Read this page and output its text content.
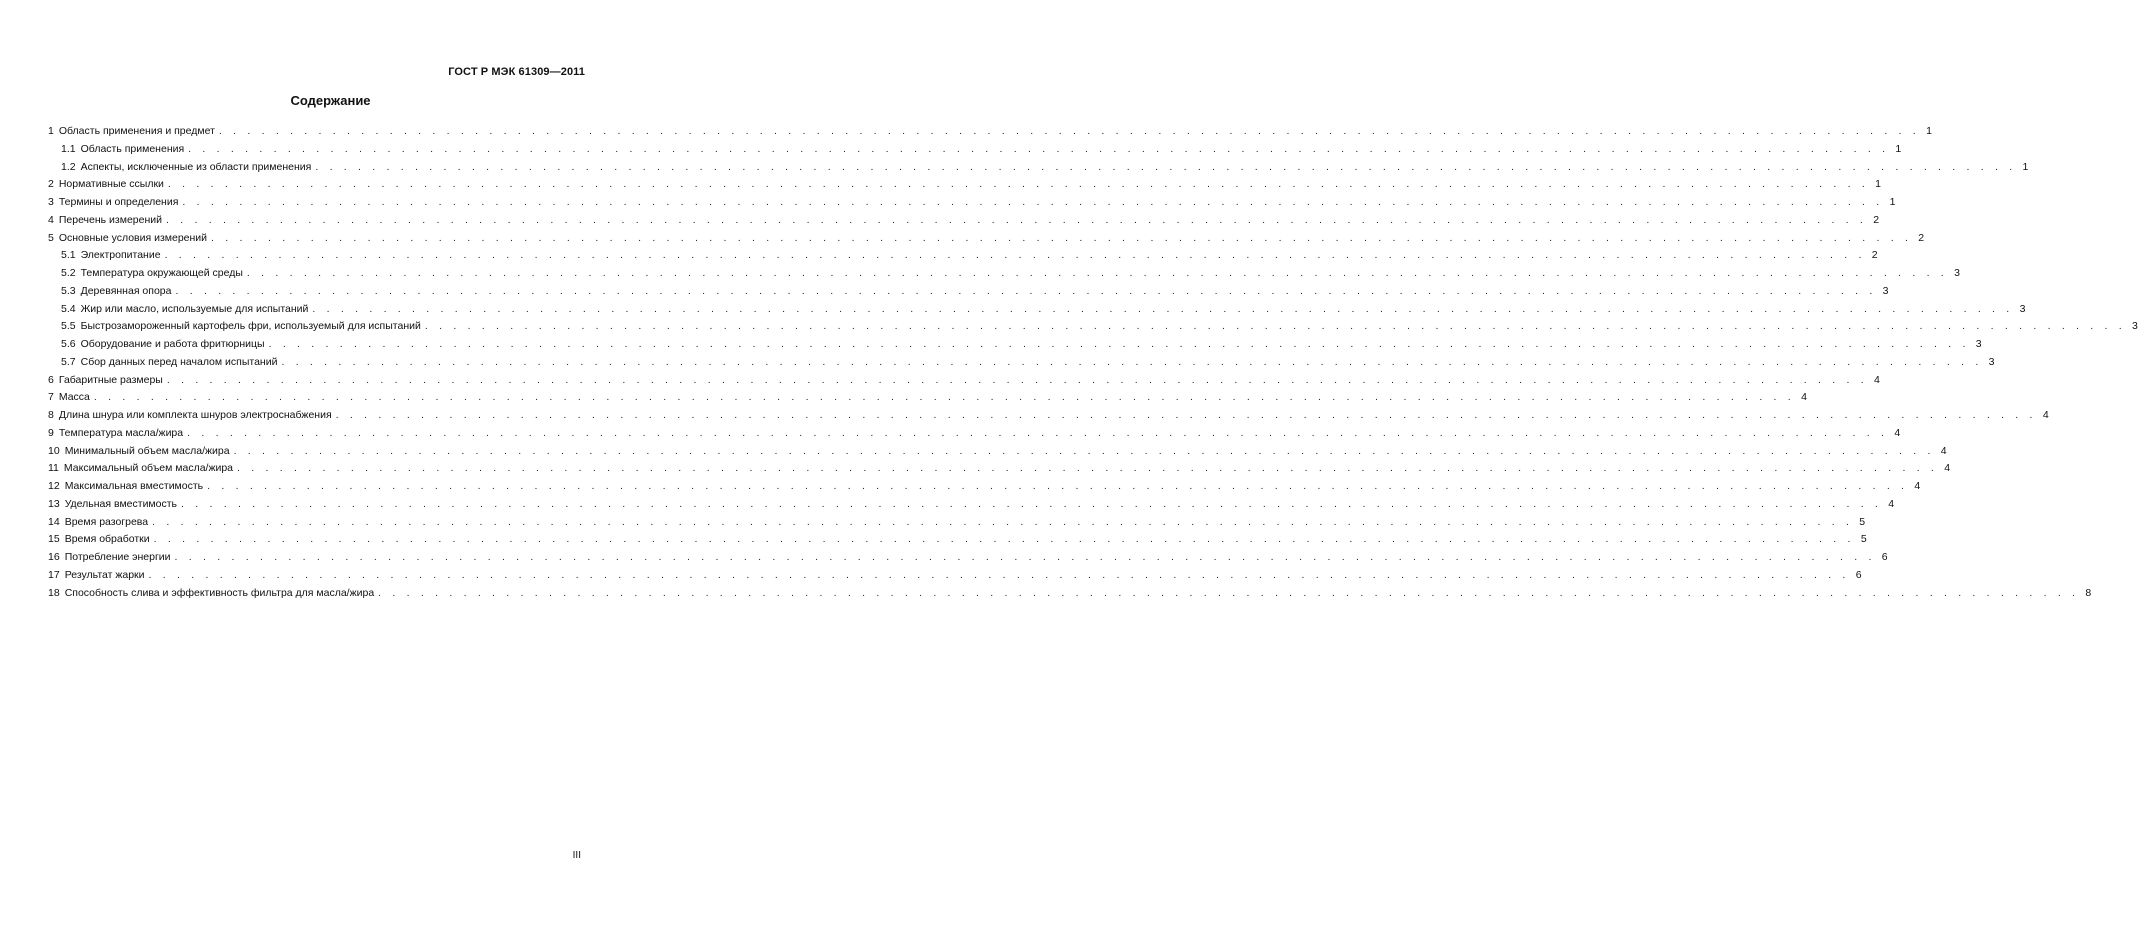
ГОСТ Р МЭК 61309—2011
Содержание
1 Область применения и предмет . . . . . . . . . . . . . . . . . . . . . . . . . . . . . . . . . . . . . . . . . . . . . . . . . . . . . . . . . . . . . . . . . . . . . . . . . . . . . . . . . . . . . . . . . . . . . . . . . . . . . . . . . . . . . . . . . . . . . . . . 1
1.1 Область применения . . . . . . . . . . . . . . . . . . . . . . . . . . . . . . . . . . . . . . . . . . . . . . . . . . . . . . . . . . . . . . . . . . . . . . . . . . . . . . . . . . . . . . . . . . . . . . . . . . . . . . . . . . . . . . . . . . . . . . . . 1
1.2 Аспекты, исключенные из области применения . . . . . . . . . . . . . . . . . . . . . . . . . . . . . . . . . . . . . . . . . . . . . . . . . . . . . . . . . . . . . . . . . . . . . . . . . . . . . . . . . . . . . . . . . . . . . . . . . . . . . . . . . . . . . . . . . . . . . . . . 1
2 Нормативные ссылки . . . . . . . . . . . . . . . . . . . . . . . . . . . . . . . . . . . . . . . . . . . . . . . . . . . . . . . . . . . . . . . . . . . . . . . . . . . . . . . . . . . . . . . . . . . . . . . . . . . . . . . . . . . . . . . . . . . . . . . . 1
3 Термины и определения . . . . . . . . . . . . . . . . . . . . . . . . . . . . . . . . . . . . . . . . . . . . . . . . . . . . . . . . . . . . . . . . . . . . . . . . . . . . . . . . . . . . . . . . . . . . . . . . . . . . . . . . . . . . . . . . . . . . . . . . 1
4 Перечень измерений . . . . . . . . . . . . . . . . . . . . . . . . . . . . . . . . . . . . . . . . . . . . . . . . . . . . . . . . . . . . . . . . . . . . . . . . . . . . . . . . . . . . . . . . . . . . . . . . . . . . . . . . . . . . . . . . . . . . . . . . 2
5 Основные условия измерений . . . . . . . . . . . . . . . . . . . . . . . . . . . . . . . . . . . . . . . . . . . . . . . . . . . . . . . . . . . . . . . . . . . . . . . . . . . . . . . . . . . . . . . . . . . . . . . . . . . . . . . . . . . . . . . . . . . . . . . . 2
5.1 Электропитание . . . . . . . . . . . . . . . . . . . . . . . . . . . . . . . . . . . . . . . . . . . . . . . . . . . . . . . . . . . . . . . . . . . . . . . . . . . . . . . . . . . . . . . . . . . . . . . . . . . . . . . . . . . . . . . . . . . . . . . . 2
5.2 Температура окружающей среды . . . . . . . . . . . . . . . . . . . . . . . . . . . . . . . . . . . . . . . . . . . . . . . . . . . . . . . . . . . . . . . . . . . . . . . . . . . . . . . . . . . . . . . . . . . . . . . . . . . . . . . . . . . . . . . . . . . . . . . . 3
5.3 Деревянная опора . . . . . . . . . . . . . . . . . . . . . . . . . . . . . . . . . . . . . . . . . . . . . . . . . . . . . . . . . . . . . . . . . . . . . . . . . . . . . . . . . . . . . . . . . . . . . . . . . . . . . . . . . . . . . . . . . . . . . . . . 3
5.4 Жир или масло, используемые для испытаний . . . . . . . . . . . . . . . . . . . . . . . . . . . . . . . . . . . . . . . . . . . . . . . . . . . . . . . . . . . . . . . . . . . . . . . . . . . . . . . . . . . . . . . . . . . . . . . . . . . . . . . . . . . . . . . . . . . . . . . . 3
5.5 Быстрозамороженный картофель фри, используемый для испытаний . . . . . . . . . . . . . . . . . . . . . . . . . . . . . . . . . . . . . . . . . . . . . . . . . . . . . . . . . . . . . . . . . . . . . . . . . . . . . . . . . . . . . . . . . . . . . . . . . . . . . . . . . . . . . . . . . . . . . . . . 3
5.6 Оборудование и работа фритюрницы . . . . . . . . . . . . . . . . . . . . . . . . . . . . . . . . . . . . . . . . . . . . . . . . . . . . . . . . . . . . . . . . . . . . . . . . . . . . . . . . . . . . . . . . . . . . . . . . . . . . . . . . . . . . . . . . . . . . . . . . 3
5.7 Сбор данных перед началом испытаний . . . . . . . . . . . . . . . . . . . . . . . . . . . . . . . . . . . . . . . . . . . . . . . . . . . . . . . . . . . . . . . . . . . . . . . . . . . . . . . . . . . . . . . . . . . . . . . . . . . . . . . . . . . . . . . . . . . . . . . . 3
6 Габаритные размеры . . . . . . . . . . . . . . . . . . . . . . . . . . . . . . . . . . . . . . . . . . . . . . . . . . . . . . . . . . . . . . . . . . . . . . . . . . . . . . . . . . . . . . . . . . . . . . . . . . . . . . . . . . . . . . . . . . . . . . . . 4
7 Масса . . . . . . . . . . . . . . . . . . . . . . . . . . . . . . . . . . . . . . . . . . . . . . . . . . . . . . . . . . . . . . . . . . . . . . . . . . . . . . . . . . . . . . . . . . . . . . . . . . . . . . . . . . . . . . . . . . . . . . . . 4
8 Длина шнура или комплекта шнуров электроснабжения . . . . . . . . . . . . . . . . . . . . . . . . . . . . . . . . . . . . . . . . . . . . . . . . . . . . . . . . . . . . . . . . . . . . . . . . . . . . . . . . . . . . . . . . . . . . . . . . . . . . . . . . . . . . . . . . . . . . . . . . 4
9 Температура масла/жира . . . . . . . . . . . . . . . . . . . . . . . . . . . . . . . . . . . . . . . . . . . . . . . . . . . . . . . . . . . . . . . . . . . . . . . . . . . . . . . . . . . . . . . . . . . . . . . . . . . . . . . . . . . . . . . . . . . . . . . . 4
10 Минимальный объем масла/жира . . . . . . . . . . . . . . . . . . . . . . . . . . . . . . . . . . . . . . . . . . . . . . . . . . . . . . . . . . . . . . . . . . . . . . . . . . . . . . . . . . . . . . . . . . . . . . . . . . . . . . . . . . . . . . . . . . . . . . . . 4
11 Максимальный объем масла/жира . . . . . . . . . . . . . . . . . . . . . . . . . . . . . . . . . . . . . . . . . . . . . . . . . . . . . . . . . . . . . . . . . . . . . . . . . . . . . . . . . . . . . . . . . . . . . . . . . . . . . . . . . . . . . . . . . . . . . . . . 4
12 Максимальная вместимость . . . . . . . . . . . . . . . . . . . . . . . . . . . . . . . . . . . . . . . . . . . . . . . . . . . . . . . . . . . . . . . . . . . . . . . . . . . . . . . . . . . . . . . . . . . . . . . . . . . . . . . . . . . . . . . . . . . . . . . . 4
13 Удельная вместимость . . . . . . . . . . . . . . . . . . . . . . . . . . . . . . . . . . . . . . . . . . . . . . . . . . . . . . . . . . . . . . . . . . . . . . . . . . . . . . . . . . . . . . . . . . . . . . . . . . . . . . . . . . . . . . . . . . . . . . . . 4
14 Время разогрева . . . . . . . . . . . . . . . . . . . . . . . . . . . . . . . . . . . . . . . . . . . . . . . . . . . . . . . . . . . . . . . . . . . . . . . . . . . . . . . . . . . . . . . . . . . . . . . . . . . . . . . . . . . . . . . . . . . . . . . . 5
15 Время обработки . . . . . . . . . . . . . . . . . . . . . . . . . . . . . . . . . . . . . . . . . . . . . . . . . . . . . . . . . . . . . . . . . . . . . . . . . . . . . . . . . . . . . . . . . . . . . . . . . . . . . . . . . . . . . . . . . . . . . . . . 5
16 Потребление энергии . . . . . . . . . . . . . . . . . . . . . . . . . . . . . . . . . . . . . . . . . . . . . . . . . . . . . . . . . . . . . . . . . . . . . . . . . . . . . . . . . . . . . . . . . . . . . . . . . . . . . . . . . . . . . . . . . . . . . . . . 6
17 Результат жарки . . . . . . . . . . . . . . . . . . . . . . . . . . . . . . . . . . . . . . . . . . . . . . . . . . . . . . . . . . . . . . . . . . . . . . . . . . . . . . . . . . . . . . . . . . . . . . . . . . . . . . . . . . . . . . . . . . . . . . . . 6
18 Способность слива и эффективность фильтра для масла/жира . . . . . . . . . . . . . . . . . . . . . . . . . . . . . . . . . . . . . . . . . . . . . . . . . . . . . . . . . . . . . . . . . . . . . . . . . . . . . . . . . . . . . . . . . . . . . . . . . . . . . . . . . . . . . . . . . . . . . . . . 8
III
